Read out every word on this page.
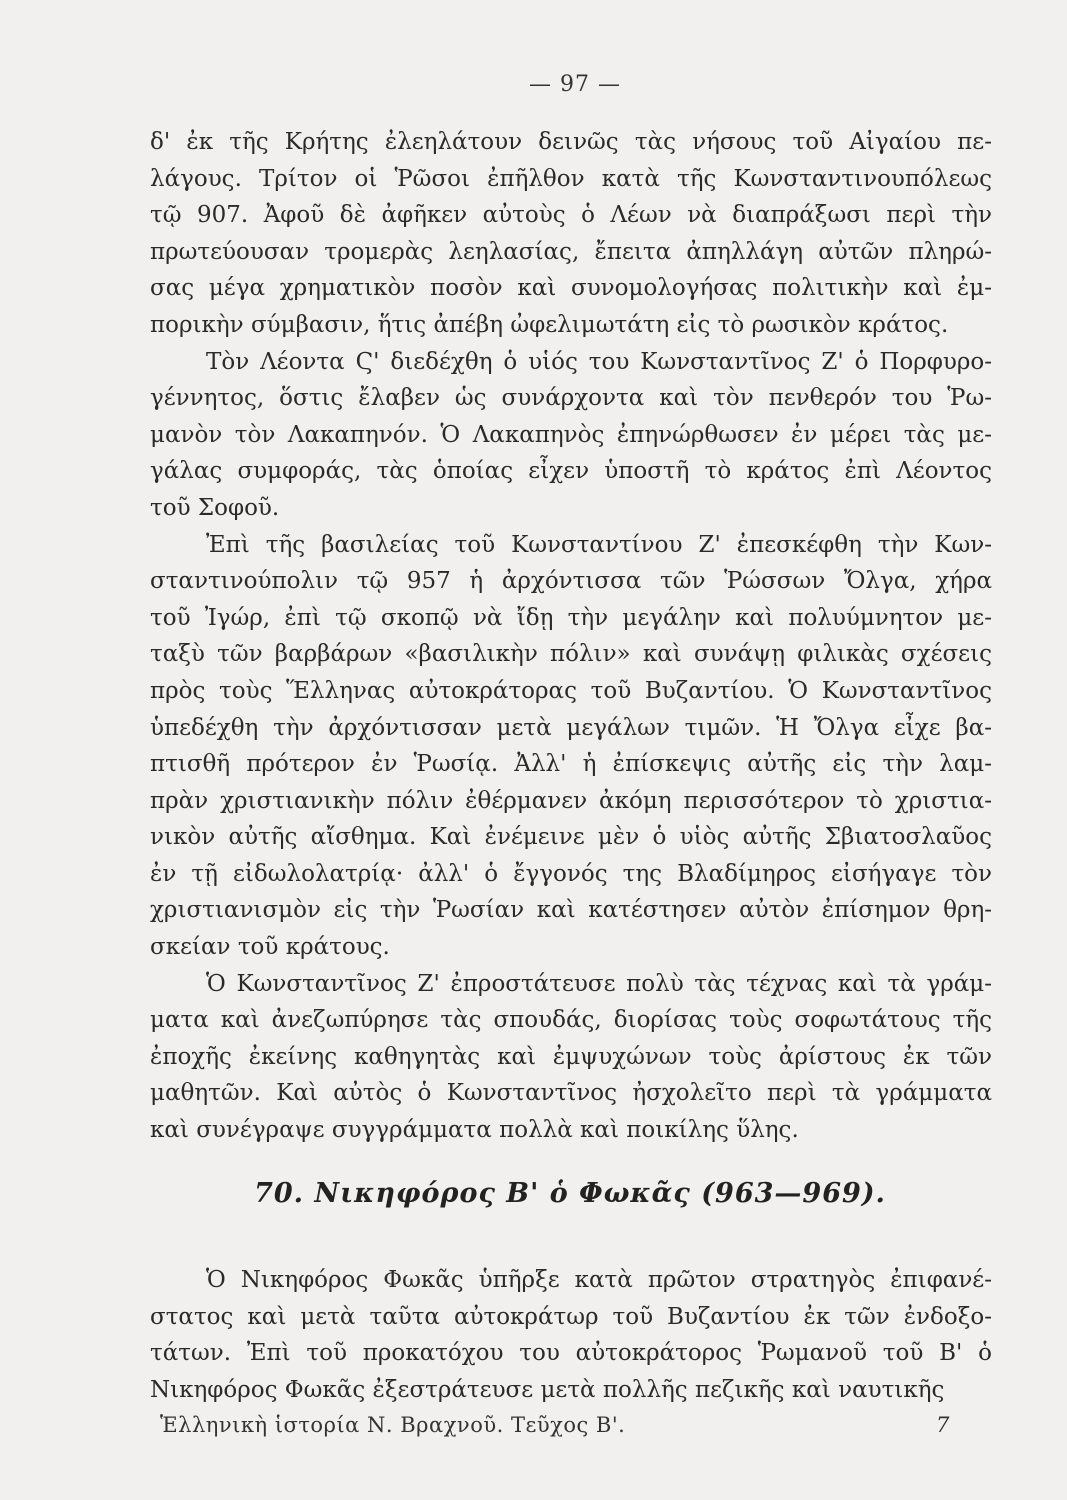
— 97 —
δ' ἐκ τῆς Κρήτης ἐλεηλάτουν δεινῶς τὰς νήσους τοῦ Αἰγαίου πε-
λάγους. Τρίτον οἱ Ῥῶσοι ἐπῆλθον κατὰ τῆς Κωνσταντινουπόλεως
τῷ 907. Ἀφοῦ δὲ ἀφῆκεν αὐτοὺς ὁ Λέων νὰ διαπράξωσι περὶ τὴν
πρωτεύουσαν τρομερὰς λεηλασίας, ἔπειτα ἀπηλλάγη αὐτῶν πληρώ-
σας μέγα χρηματικὸν ποσὸν καὶ συνομολογήσας πολιτικὴν καὶ ἐμ-
πορικὴν σύμβασιν, ἥτις ἀπέβη ὠφελιμωτάτη εἰς τὸ ρωσικὸν κράτος.
Τὸν Λέοντα Ϛ' διεδέχθη ὁ υἱός του Κωνσταντῖνος Ζ' ὁ Πορφυρο-
γέννητος, ὅστις ἔλαβεν ὡς συνάρχοντα καὶ τὸν πενθερόν του Ῥω-
μανὸν τὸν Λακαπηνόν. Ὁ Λακαπηνὸς ἐπηνώρθωσεν ἐν μέρει τὰς με-
γάλας συμφοράς, τὰς ὁποίας εἶχεν ὑποστῆ τὸ κράτος ἐπὶ Λέοντος
τοῦ Σοφοῦ.
Ἐπὶ τῆς βασιλείας τοῦ Κωνσταντίνου Ζ' ἐπεσκέφθη τὴν Κων-
σταντινούπολιν τῷ 957 ἡ ἀρχόντισσα τῶν Ῥώσσων Ὄλγα, χήρα
τοῦ Ἰγώρ, ἐπὶ τῷ σκοπῷ νὰ ἴδῃ τὴν μεγάλην καὶ πολυύμνητον με-
ταξὺ τῶν βαρβάρων «βασιλικὴν πόλιν» καὶ συνάψῃ φιλικὰς σχέσεις
πρὸς τοὺς Ἕλληνας αὐτοκράτορας τοῦ Βυζαντίου. Ὁ Κωνσταντῖνος
ὑπεδέχθη τὴν ἀρχόντισσαν μετὰ μεγάλων τιμῶν. Ἡ Ὄλγα εἶχε βα-
πτισθῆ πρότερον ἐν Ῥωσίᾳ. Ἀλλ' ἡ ἐπίσκεψις αὐτῆς εἰς τὴν λαμ-
πρὰν χριστιανικὴν πόλιν ἐθέρμανεν ἀκόμη περισσότερον τὸ χριστια-
νικὸν αὐτῆς αἴσθημα. Καὶ ἐνέμεινε μὲν ὁ υἱὸς αὐτῆς Σβιατοσλαῦος
ἐν τῇ εἰδωλολατρίᾳ· ἀλλ' ὁ ἔγγονός της Βλαδίμηρος εἰσήγαγε τὸν
χριστιανισμὸν εἰς τὴν Ῥωσίαν καὶ κατέστησεν αὐτὸν ἐπίσημον θρη-
σκείαν τοῦ κράτους.
Ὁ Κωνσταντῖνος Ζ' ἐπροστάτευσε πολὺ τὰς τέχνας καὶ τὰ γράμ-
ματα καὶ ἀνεζωπύρησε τὰς σπουδάς, διορίσας τοὺς σοφωτάτους τῆς
ἐποχῆς ἐκείνης καθηγητὰς καὶ ἐμψυχώνων τοὺς ἀρίστους ἐκ τῶν
μαθητῶν. Καὶ αὐτὸς ὁ Κωνσταντῖνος ἠσχολεῖτο περὶ τὰ γράμματα
καὶ συνέγραψε συγγράμματα πολλὰ καὶ ποικίλης ὕλης.
70. Νικηφόρος Β' ὁ Φωκᾶς (963—969).
Ὁ Νικηφόρος Φωκᾶς ὑπῆρξε κατὰ πρῶτον στρατηγὸς ἐπιφανέ-
στατος καὶ μετὰ ταῦτα αὐτοκράτωρ τοῦ Βυζαντίου ἐκ τῶν ἐνδοξο-
τάτων. Ἐπὶ τοῦ προκατόχου του αὐτοκράτορος Ῥωμανοῦ τοῦ Β' ὁ
Νικηφόρος Φωκᾶς ἐξεστράτευσε μετὰ πολλῆς πεζικῆς καὶ ναυτικῆς
Ἑλληνικὴ ἱστορία Ν. Βραχνοῦ. Τεῦχος Β'.	7
